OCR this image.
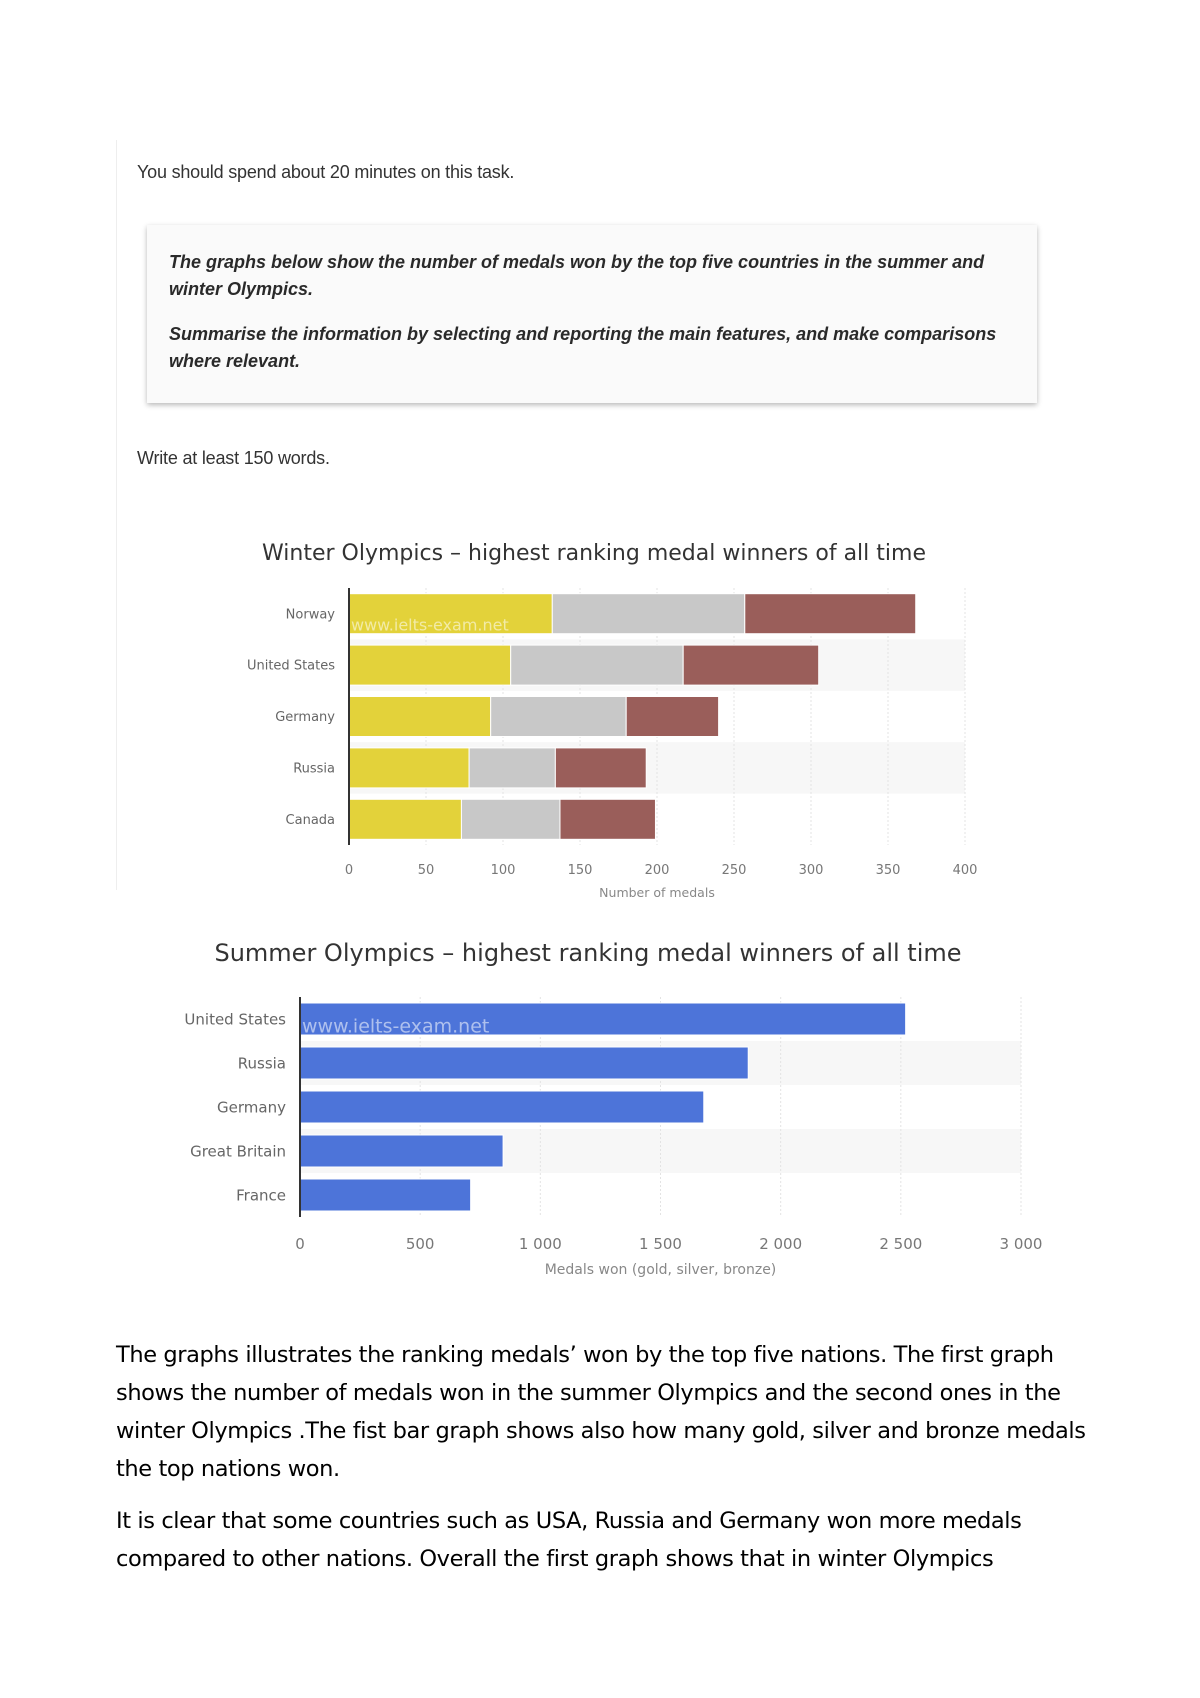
You should spend about 20 minutes on this task.

The graphs below show the number of medals won by the top five countries in the summer and winter Olympics.

Summarise the information by selecting and reporting the main features, and make comparisons where relevant.

Write at least 150 words.
Winter Olympics – highest ranking medal winners of all time
Norway
United States
Germany
Russia
Canada
www.ielts-exam.net
0	50	100	150	200	250	300	350	400
Number of medals
Summer Olympics – highest ranking medal winners of all time
United States
Russia
Germany
Great Britain
France
www.ielts-exam.net
0	500	1 000	1 500	2 000	2 500	3 000
Medals won (gold, silver, bronze)

The graphs illustrates the ranking medals’ won by the top five nations. The first graph shows the number of medals won in the summer Olympics and the second ones in the winter Olympics .The fist bar graph shows also how many gold, silver and bronze medals the top nations won.

It is clear that some countries such as USA, Russia and Germany won more medals compared to other nations. Overall the first graph shows that in winter Olympics
